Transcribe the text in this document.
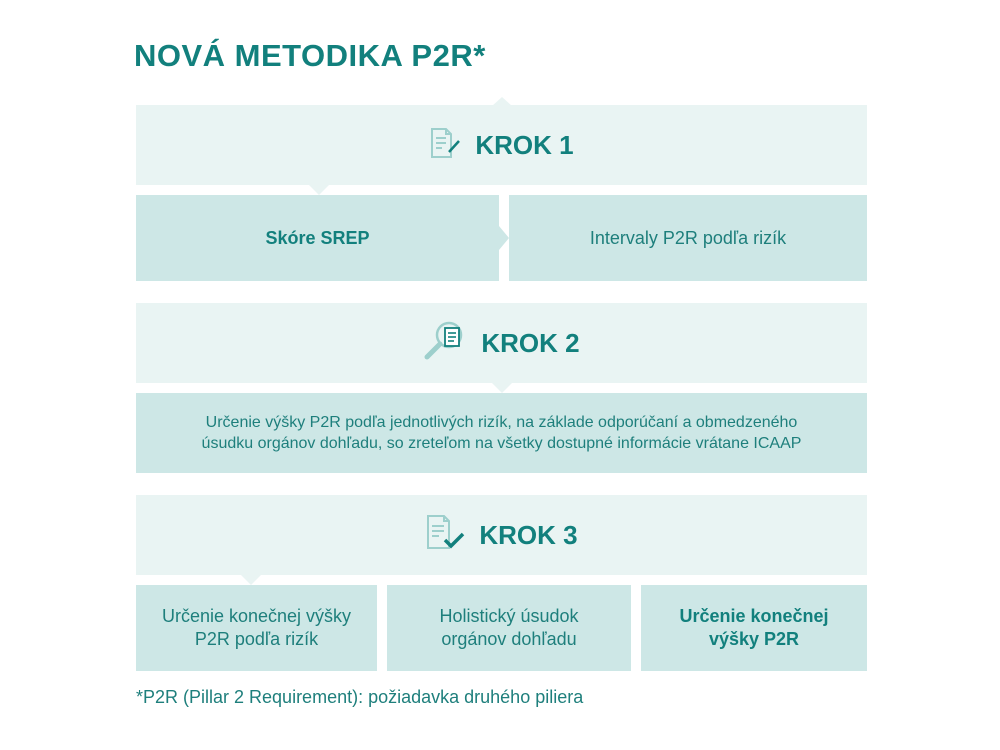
NOVÁ METODIKA P2R*
KROK 1
Skóre SREP	Intervaly P2R podľa rizík
KROK 2
Určenie výšky P2R podľa jednotlivých rizík, na základe odporúčaní a obmedzeného úsudku orgánov dohľadu, so zreteľom na všetky dostupné informácie vrátane ICAAP
KROK 3
Určenie konečnej výšky P2R podľa rizík
Holistický úsudok orgánov dohľadu
Určenie konečnej výšky P2R
*P2R (Pillar 2 Requirement): požiadavka druhého piliera
